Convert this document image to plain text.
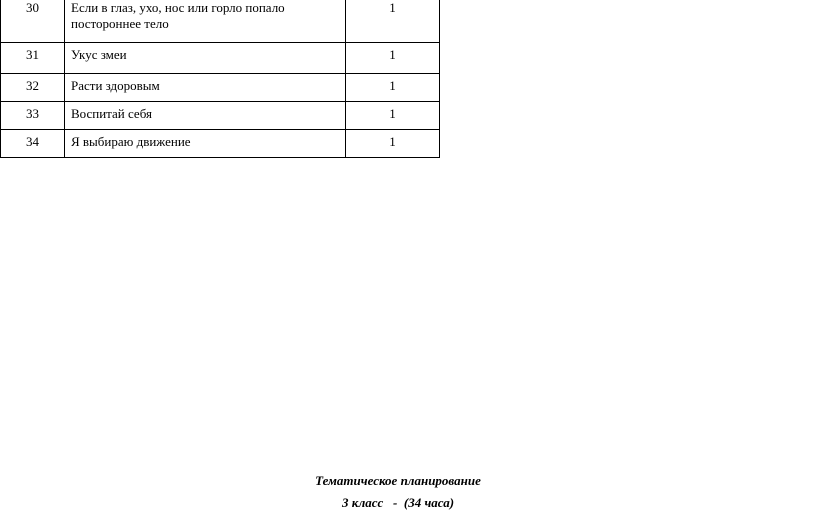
30	Если в глаз, ухо, нос или горло попало постороннее тело	1
31	Укус змеи	1
32	Расти здоровым	1
33	Воспитай себя	1
34	Я выбираю движение	1
Тематическое планирование
3 класс   -  (34 часа)
